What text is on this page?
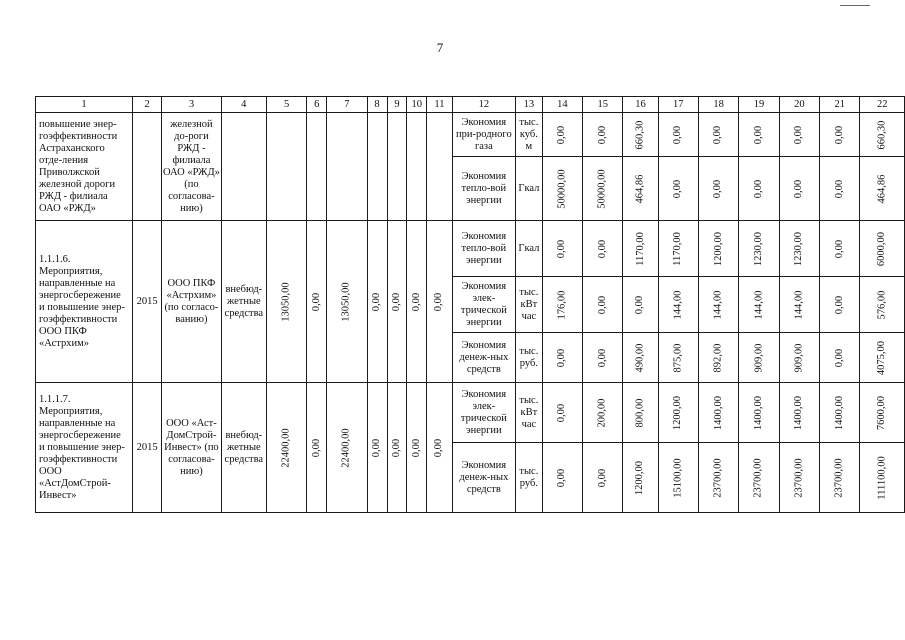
7
1	2	3	4	5	6	7	8	9	10	11	12	13	14	15	16	17	18	19	20	21	22
повышение энер-гоэффективности Астраханского отде-ления Приволжской железной дороги РЖД - филиала ОАО «РЖД»		железной до-роги РЖД - филиала ОАО «РЖД» (по согласова-нию)									Экономия при-родного газа	тыс. куб. м	0,00	0,00	660,30	0,00	0,00	0,00	0,00	0,00	660,30

											Экономия тепло-вой энергии	Гкал	50000,00	50000,00	464,86	0,00	0,00	0,00	0,00	0,00	464,86

1.1.1.6. Мероприятия, направленные на энергосбережение и повышение энер-гоэффективности ООО ПКФ «Астрхим»	2015	ООО ПКФ «Астрхим» (по согласо-ванию)	внебюд-жетные средства	13050,00	0,00	13050,00	0,00	0,00	0,00	0,00	Экономия тепло-вой энергии	Гкал	0,00	0,00	1170,00	1170,00	1200,00	1230,00	1230,00	0,00	6000,00

											Экономия элек-трической энергии	тыс. кВт час	176,00	0,00	0,00	144,00	144,00	144,00	144,00	0,00	576,00

											Экономия денеж-ных средств	тыс. руб.	0,00	0,00	490,00	875,00	892,00	909,00	909,00	0,00	4075,00

1.1.1.7. Мероприятия, направленные на энергосбережение и повышение энер-гоэффективности ООО «АстДомСтрой-Инвест»	2015	ООО «Аст-ДомСтрой-Инвест» (по согласова-нию)	внебюд-жетные средства	22400,00	0,00	22400,00	0,00	0,00	0,00	0,00	Экономия элек-трической энергии	тыс. кВт час	0,00	200,00	800,00	1200,00	1400,00	1400,00	1400,00	1400,00	7600,00

											Экономия денеж-ных средств	тыс. руб.	0,00	0,00	1200,00	15100,00	23700,00	23700,00	23700,00	23700,00	111100,00
